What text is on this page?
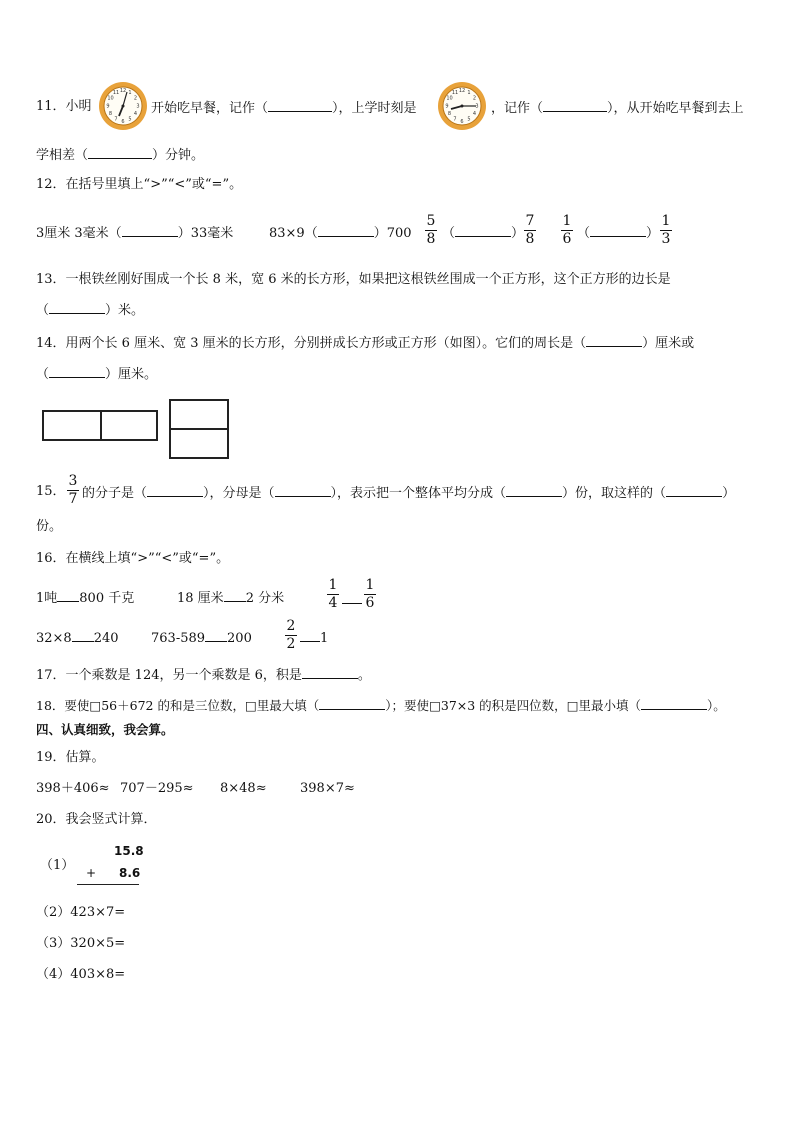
11．小明
12 1
2
3
4
5
6
7
8
9
10
11
开始吃早餐，记作（	），上学时刻是
12 1
2
3
4
5
6
7
8
9
10
11
，记作（	），从开始吃早餐到去上
学相差（	）分钟。
12．在括号里填上“>”“<”或“=”。
3厘米 3毫米（	）33毫米	83×9（	）700
5
8 （	）
7
8
1
6 （	）
1
3
13．一根铁丝刚好围成一个长 8 米，宽 6 米的长方形，如果把这根铁丝围成一个正方形，这个正方形的边长是
（	）米。
14．用两个长 6 厘米、宽 3 厘米的长方形，分别拼成长方形或正方形（如图）。它们的周长是（	）厘米或
（	）厘米。
15．
3
7 的分子是（	），分母是（	），表示把一个整体平均分成（	）份，取这样的（	）
份。
16．在横线上填“>”“<”或“=”。
1吨 800 千克	18 厘米 2 分米
1
4
1
6
32×8 240 763-589 200
2
2	1
17．一个乘数是 124，另一个乘数是 6，积是	。
18．要使□56＋672 的和是三位数，□里最大填（	）；要使□37×3 的积是四位数，□里最小填（	）。
四、认真细致，我会算。
19．估算。
398＋406≈ 707－295≈ 8×48≈	398×7≈
20．我会竖式计算．
（1）
15.8
+ 8.6
（2）423×7=
（3）320×5=
（4）403×8=
